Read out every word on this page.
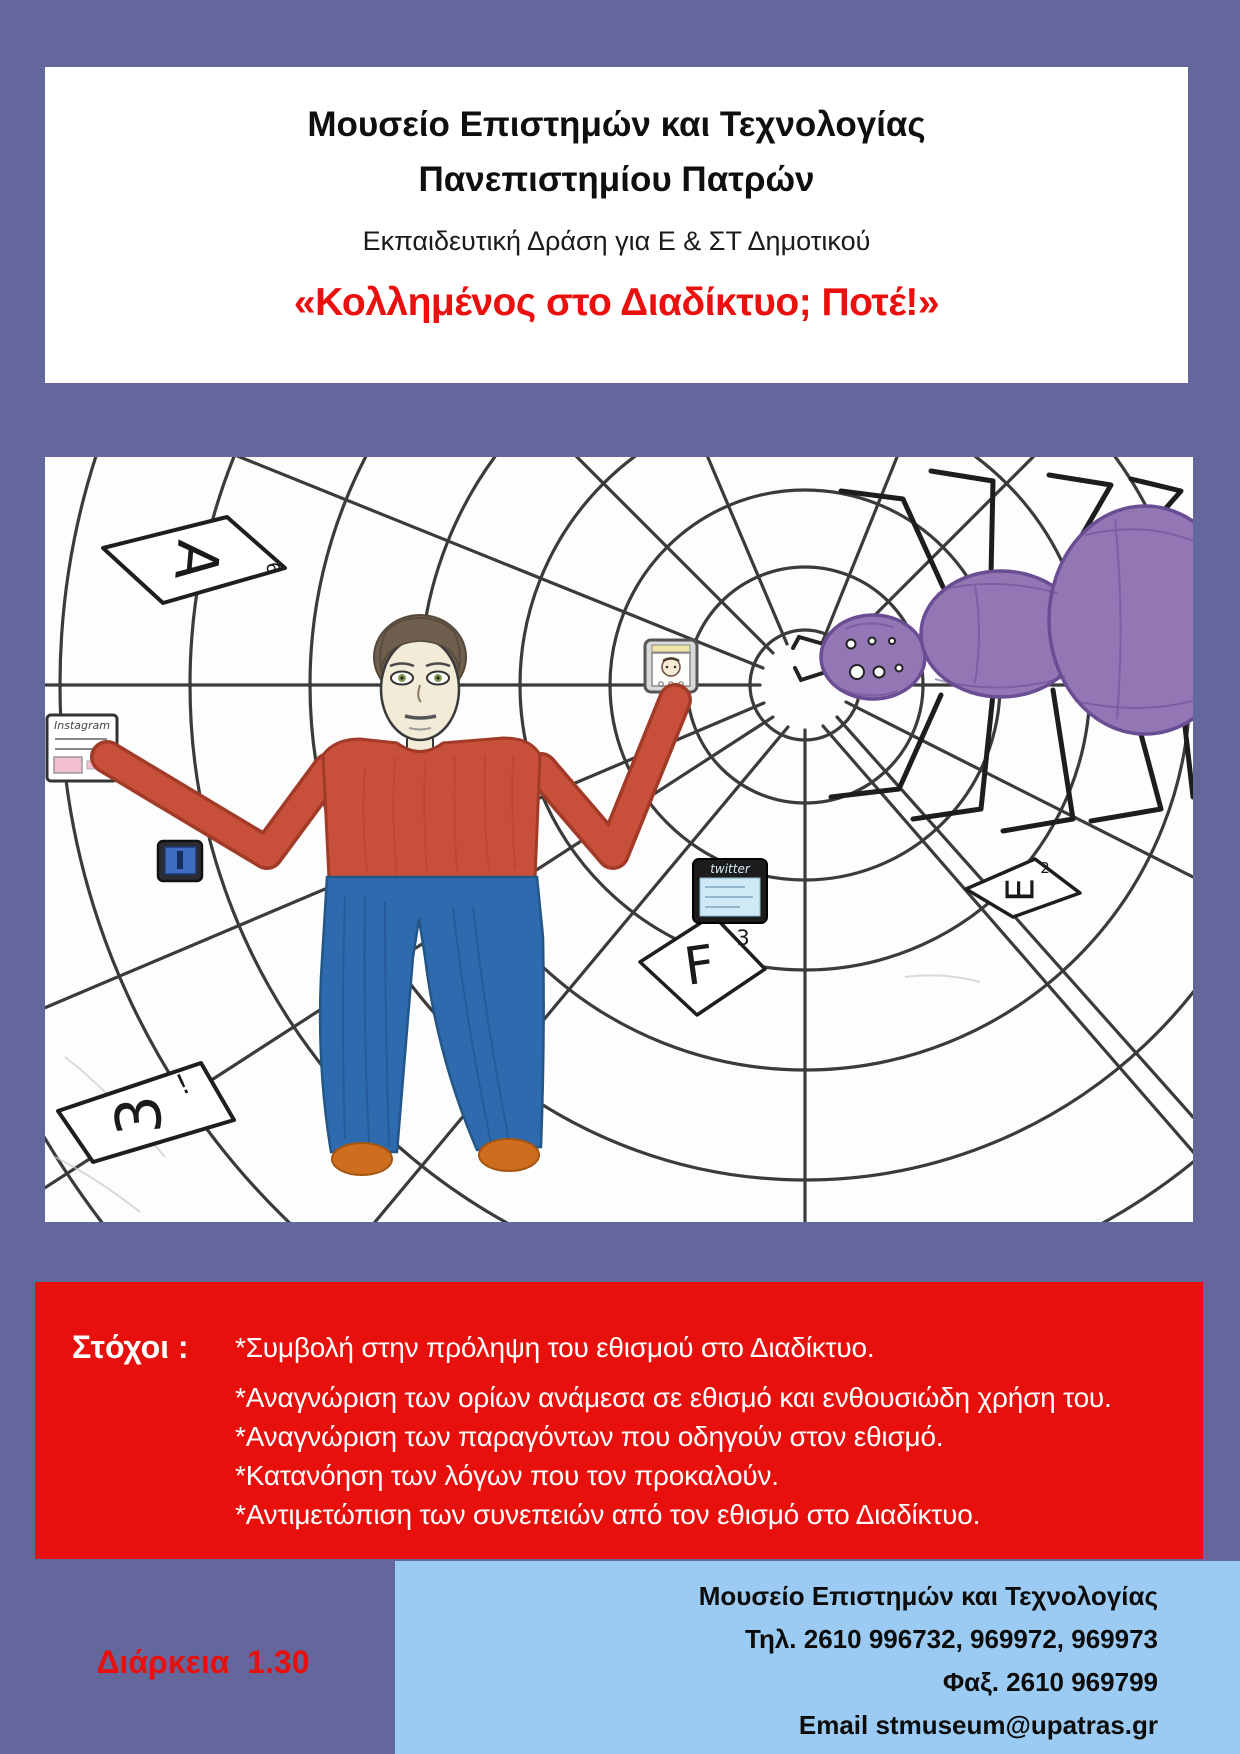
Μουσείο Επιστημών και Τεχνολογίας
Πανεπιστημίου Πατρών

Εκπαιδευτική Δράση για Ε & ΣΤ Δημοτικού

«Κολλημένος στο Διαδίκτυο; Ποτέ!»

A 6
E
2
F 3
3
!
Instagram
twitter
Στόχοι :	*Συμβολή στην πρόληψη του εθισμού στο Διαδίκτυο.

*Αναγνώριση των ορίων ανάμεσα σε εθισμό και ενθουσιώδη χρήση του.

*Αναγνώριση των παραγόντων που οδηγούν στον εθισμό.

*Κατανόηση των λόγων που τον προκαλούν.

*Αντιμετώπιση των συνεπειών από τον εθισμό στο Διαδίκτυο.

Διάρκεια  1.30

Μουσείο Επιστημών και Τεχνολογίας

Τηλ. 2610 996732, 969972, 969973

Φαξ. 2610 969799

Email stmuseum@upatras.gr
